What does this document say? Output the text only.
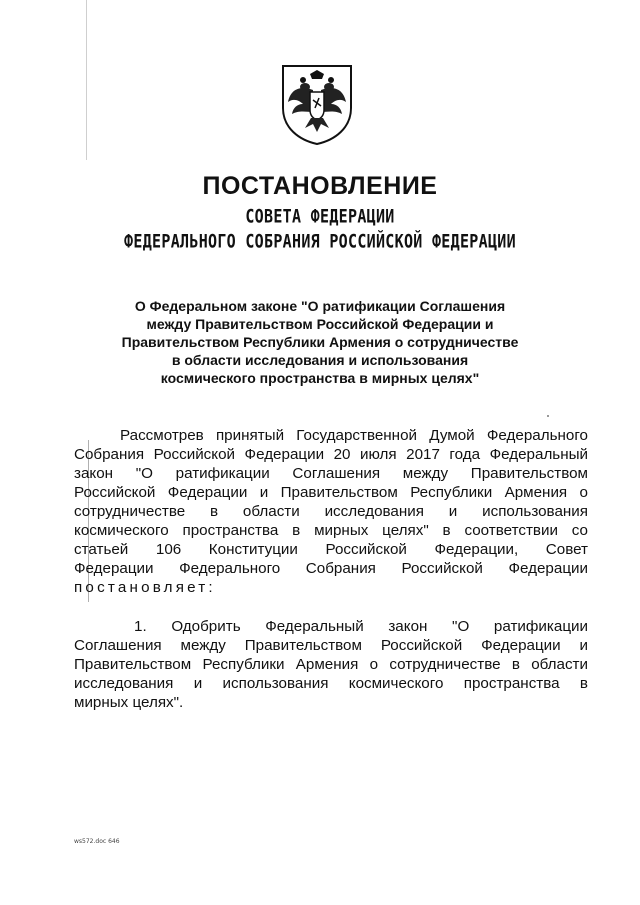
ПОСТАНОВЛЕНИЕ
СОВЕТА ФЕДЕРАЦИИ
ФЕДЕРАЛЬНОГО СОБРАНИЯ РОССИЙСКОЙ ФЕДЕРАЦИИ
О Федеральном законе "О ратификации Соглашения
между Правительством Российской Федерации и
Правительством Республики Армения о сотрудничестве
в области исследования и использования
космического пространства в мирных целях"
Рассмотрев принятый Государственной Думой Федерального
Собрания Российской Федерации 20 июля 2017 года Федеральный
закон "О ратификации Соглашения между Правительством
Российской Федерации и Правительством Республики Армения о
сотрудничестве в области исследования и использования
космического пространства в мирных целях" в соответствии со
статьей 106 Конституции Российской Федерации, Совет
Федерации Федерального Собрания Российской Федерации
постановляет:
1. Одобрить Федеральный закон "О ратификации
Соглашения между Правительством Российской Федерации и
Правительством Республики Армения о сотрудничестве в области
исследования и использования космического пространства в
мирных целях".
ws572.doc 646
